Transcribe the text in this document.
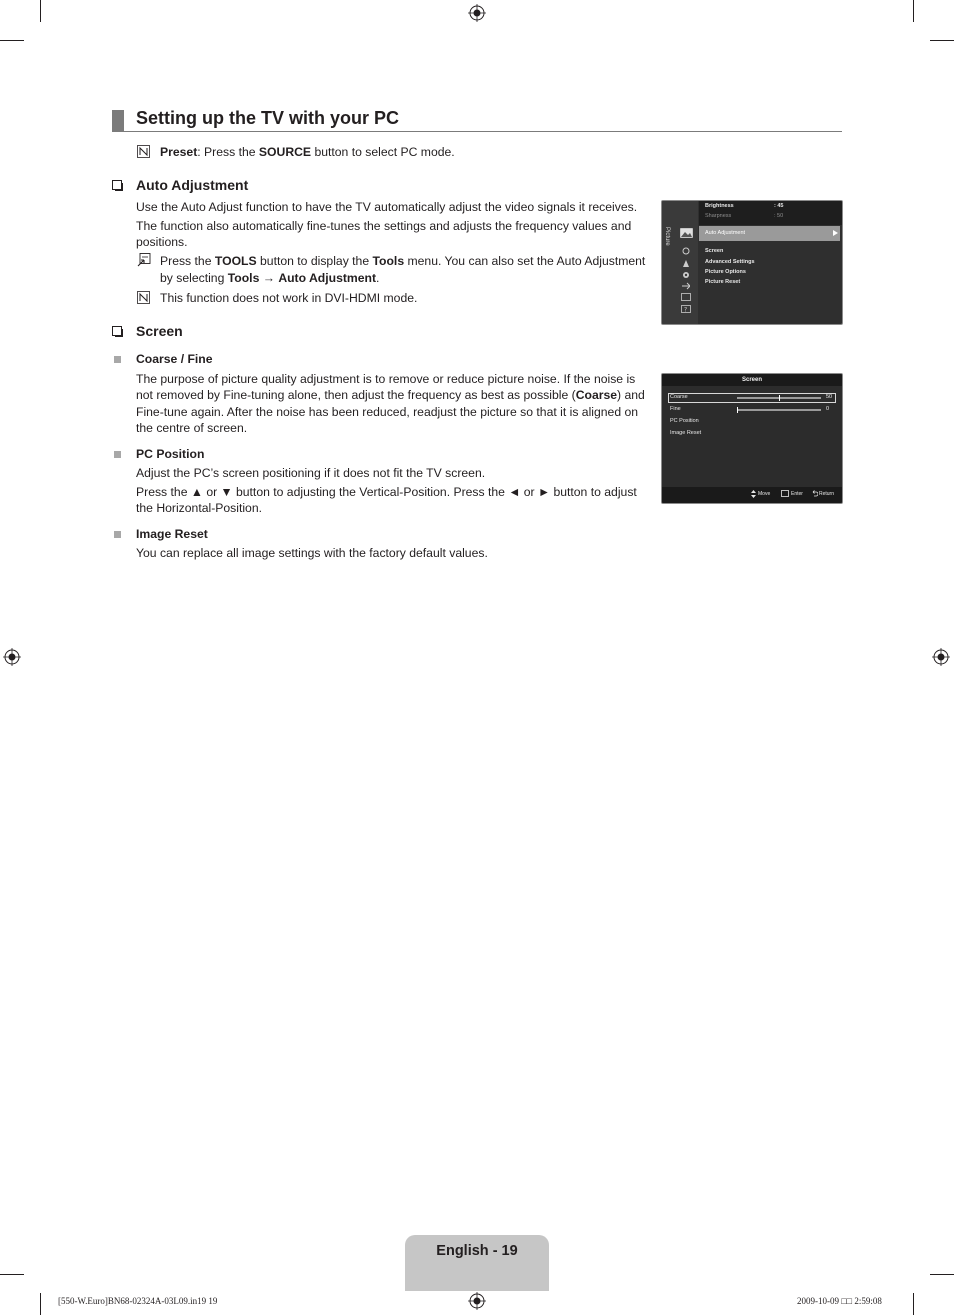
Setting up the TV with your PC
Preset: Press the SOURCE button to select PC mode.
Auto Adjustment
Use the Auto Adjust function to have the TV automatically adjust the video signals it receives.
The function also automatically fine-tunes the settings and adjusts the frequency values and
positions.
Press the TOOLS button to display the Tools menu. You can also set the Auto Adjustment
by selecting Tools → Auto Adjustment.
This function does not work in DVI-HDMI mode.
Picture
?
Brightness	: 45
Sharpness	: 50
Auto Adjustment
Screen
Advanced Settings
Picture Options
Picture Reset
Screen
Coarse / Fine
The purpose of picture quality adjustment is to remove or reduce picture noise. If the noise is
not removed by Fine-tuning alone, then adjust the frequency as best as possible (Coarse) and
Fine-tune again. After the noise has been reduced, readjust the picture so that it is aligned on
the centre of screen.
PC Position
Adjust the PC’s screen positioning if it does not fit the TV screen.
Press the ▲ or ▼ button to adjusting the Vertical-Position. Press the ◄ or ► button to adjust
the Horizontal-Position.
Image Reset
You can replace all image settings with the factory default values.
Screen
Coarse	50
Fine	0
PC Position
Image Reset
Move	Enter	Return
English - 19
[550-W.Euro]BN68-02324A-03L09.in19 19	2009-10-09 □□ 2:59:08
